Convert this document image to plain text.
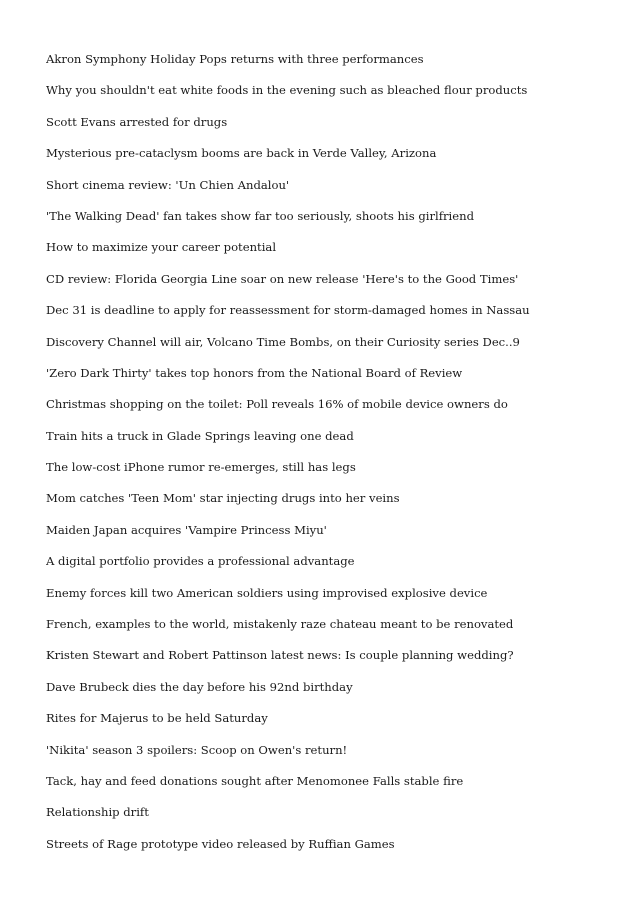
Akron Symphony Holiday Pops returns with three performances
Why you shouldn't eat white foods in the evening such as bleached flour products
Scott Evans arrested for drugs
Mysterious pre-cataclysm booms are back in Verde Valley, Arizona
Short cinema review: 'Un Chien Andalou'
'The Walking Dead' fan takes show far too seriously, shoots his girlfriend
How to maximize your career potential
CD review: Florida Georgia Line soar on new release 'Here's to the Good Times'
Dec 31 is deadline to apply for reassessment for storm-damaged homes in Nassau
Discovery Channel will air, Volcano Time Bombs, on their Curiosity series Dec..9
'Zero Dark Thirty' takes top honors from the National Board of Review
Christmas shopping on the toilet: Poll reveals 16% of mobile device owners do
Train hits a truck in Glade Springs leaving one dead
The low-cost iPhone rumor re-emerges, still has legs
Mom catches 'Teen Mom' star injecting drugs into her veins
Maiden Japan acquires 'Vampire Princess Miyu'
A digital portfolio provides a professional advantage
Enemy forces kill two American soldiers using improvised explosive device
French, examples to the world, mistakenly raze chateau meant to be renovated
Kristen Stewart and Robert Pattinson latest news: Is couple planning wedding?
Dave Brubeck dies the day before his 92nd birthday
Rites for Majerus to be held Saturday
'Nikita' season 3 spoilers: Scoop on Owen's return!
Tack, hay and feed donations sought after Menomonee Falls stable fire
Relationship drift
Streets of Rage prototype video released by Ruffian Games
